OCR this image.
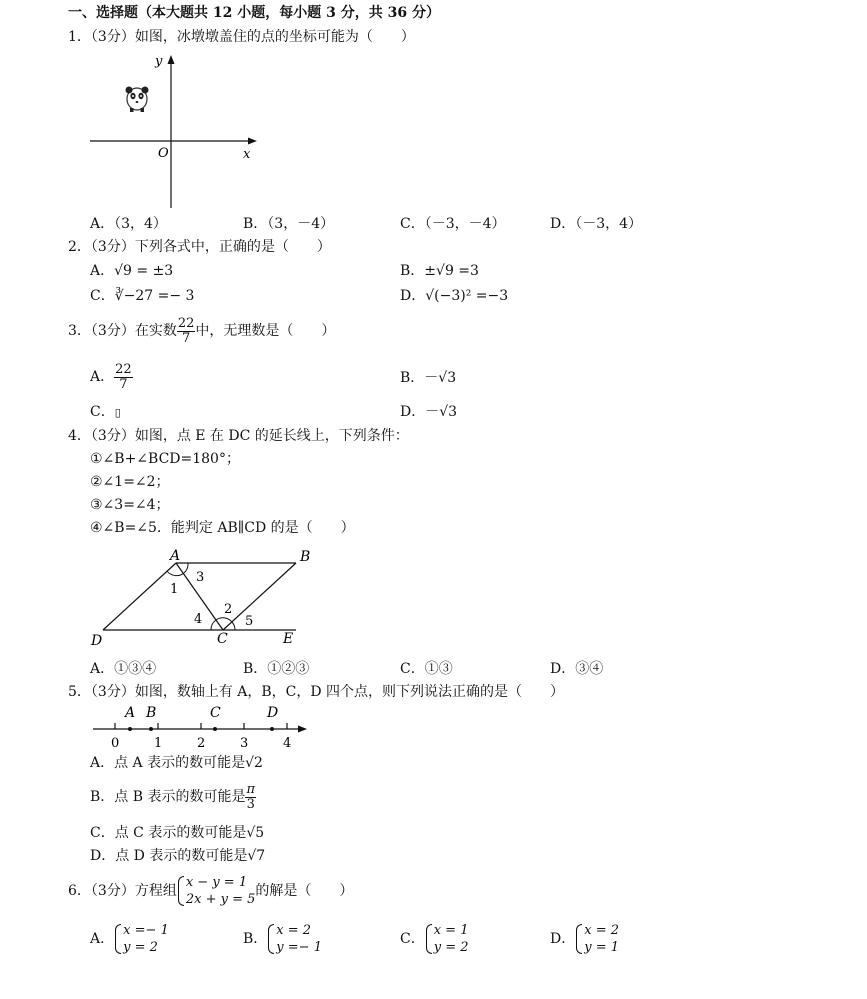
一、选择题（本大题共 12 小题，每小题 3 分，共 36 分）
1．（3分）如图，冰墩墩盖住的点的坐标可能为（　　）
y
x
O
A．（3，4）	B．（3，－4）	C．（－3，－4）	D．（－3，4）
2．（3分）下列各式中，正确的是（　　）
A．√9 = ±3	B．±√9 =3
C．∛−27 =− 3	D．√(−3)² =−3
3．（3分）在实数 $\frac{22}{7}$ 中，无理数是（　　）
A． $\frac{22}{7}$	B．－√3
C．▯	D．－√3
4．（3分）如图，点 E 在 DC 的延长线上，下列条件：
①∠B+∠BCD=180°；
②∠1=∠2；
③∠3=∠4；
④∠B=∠5．能判定 AB∥CD 的是（　　）
A	B
C
D	E
1
2
3
4	5
A．①③④	B．①②③	C．①③	D．③④
5．（3分）如图，数轴上有 A，B，C，D 四个点，则下列说法正确的是（　　）
0	1	2	3	4
A B	C	D
A．点 A 表示的数可能是√2
B．点 B 表示的数可能是 $\frac{\pi}{3}$
C．点 C 表示的数可能是√5
D．点 D 表示的数可能是√7
6．（3分）方程组
x − y = 1
2x + y = 5
的解是（　　）
A．
x =− 1
y = 2
B．
x = 2
y =− 1
C．
x = 1
y = 2
D．
x = 2
y = 1
